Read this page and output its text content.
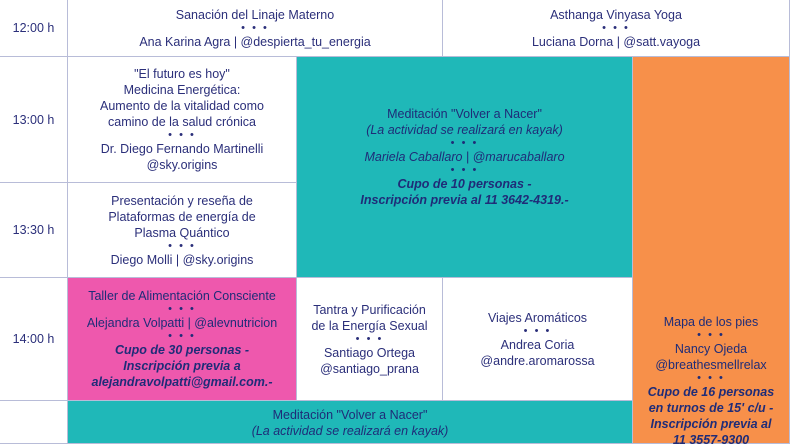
12:00 h
13:00 h
13:30 h
14:00 h
Sanación del Linaje Materno
• • •
Ana Karina Agra | @despierta_tu_energia
Asthanga Vinyasa Yoga
• • •
Luciana Dorna | @satt.vayoga
"El futuro es hoy"
Medicina Energética:
Aumento de la vitalidad como
camino de la salud crónica
• • •
Dr. Diego Fernando Martinelli
@sky.origins
Meditación "Volver a Nacer"
(La actividad se realizará en kayak)
• • •
Mariela Caballaro | @marucaballaro
• • •
Cupo de 10 personas -
Inscripción previa al 11 3642-4319.-
Mapa de los pies
• • •
Nancy Ojeda
@breathesmellrelax
• • •
Cupo de 16 personas
en turnos de 15' c/u -
Inscripción previa al
11 3557-9300
Presentación y reseña de
Plataformas de energía de
Plasma Quántico
• • •
Diego Molli | @sky.origins
Taller de Alimentación Consciente
• • •
Alejandra Volpatti | @alevnutricion
• • •
Cupo de 30 personas -
Inscripción previa a
alejandravolpatti@gmail.com.-
Tantra y Purificación
de la Energía Sexual
• • •
Santiago Ortega
@santiago_prana
Viajes Aromáticos
• • •
Andrea Coria
@andre.aromarossa
Meditación "Volver a Nacer"
(La actividad se realizará en kayak)
